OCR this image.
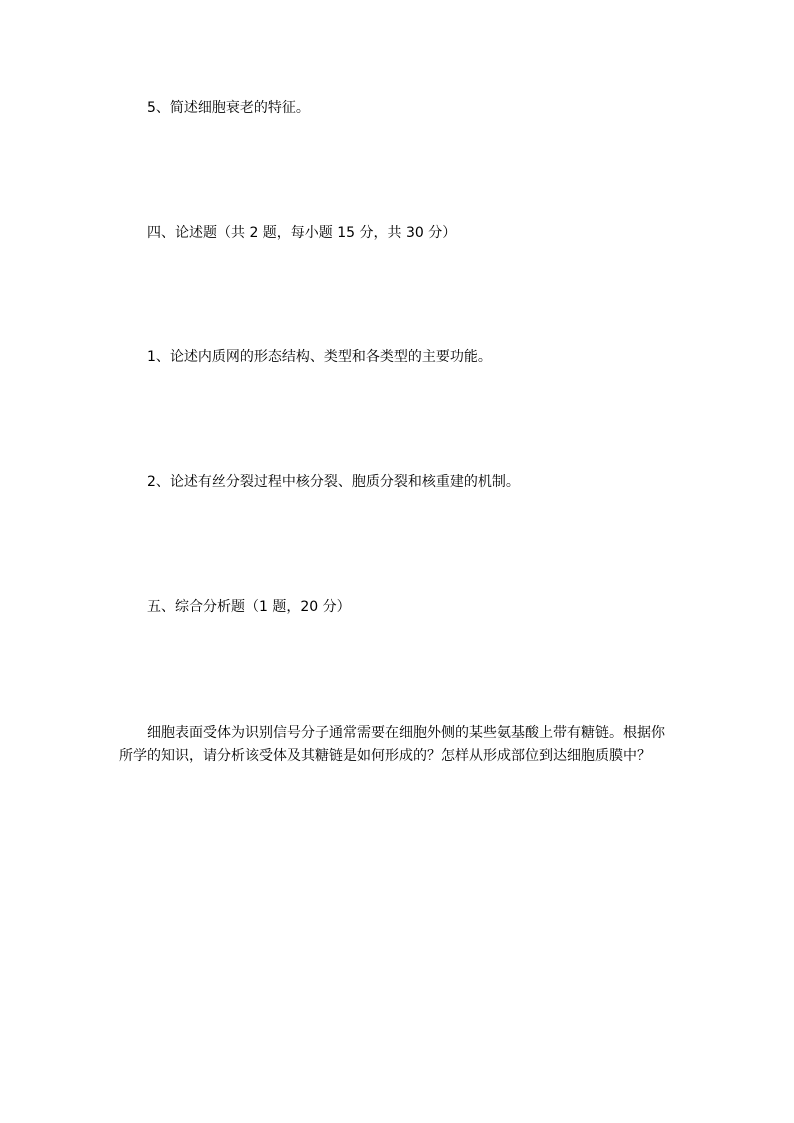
5、简述细胞衰老的特征。
四、论述题（共 2 题，每小题 15 分，共 30 分）
1、论述内质网的形态结构、类型和各类型的主要功能。
2、论述有丝分裂过程中核分裂、胞质分裂和核重建的机制。
五、综合分析题（1 题，20 分）
细胞表面受体为识别信号分子通常需要在细胞外侧的某些氨基酸上带有糖链。根据你
所学的知识，请分析该受体及其糖链是如何形成的？怎样从形成部位到达细胞质膜中？
